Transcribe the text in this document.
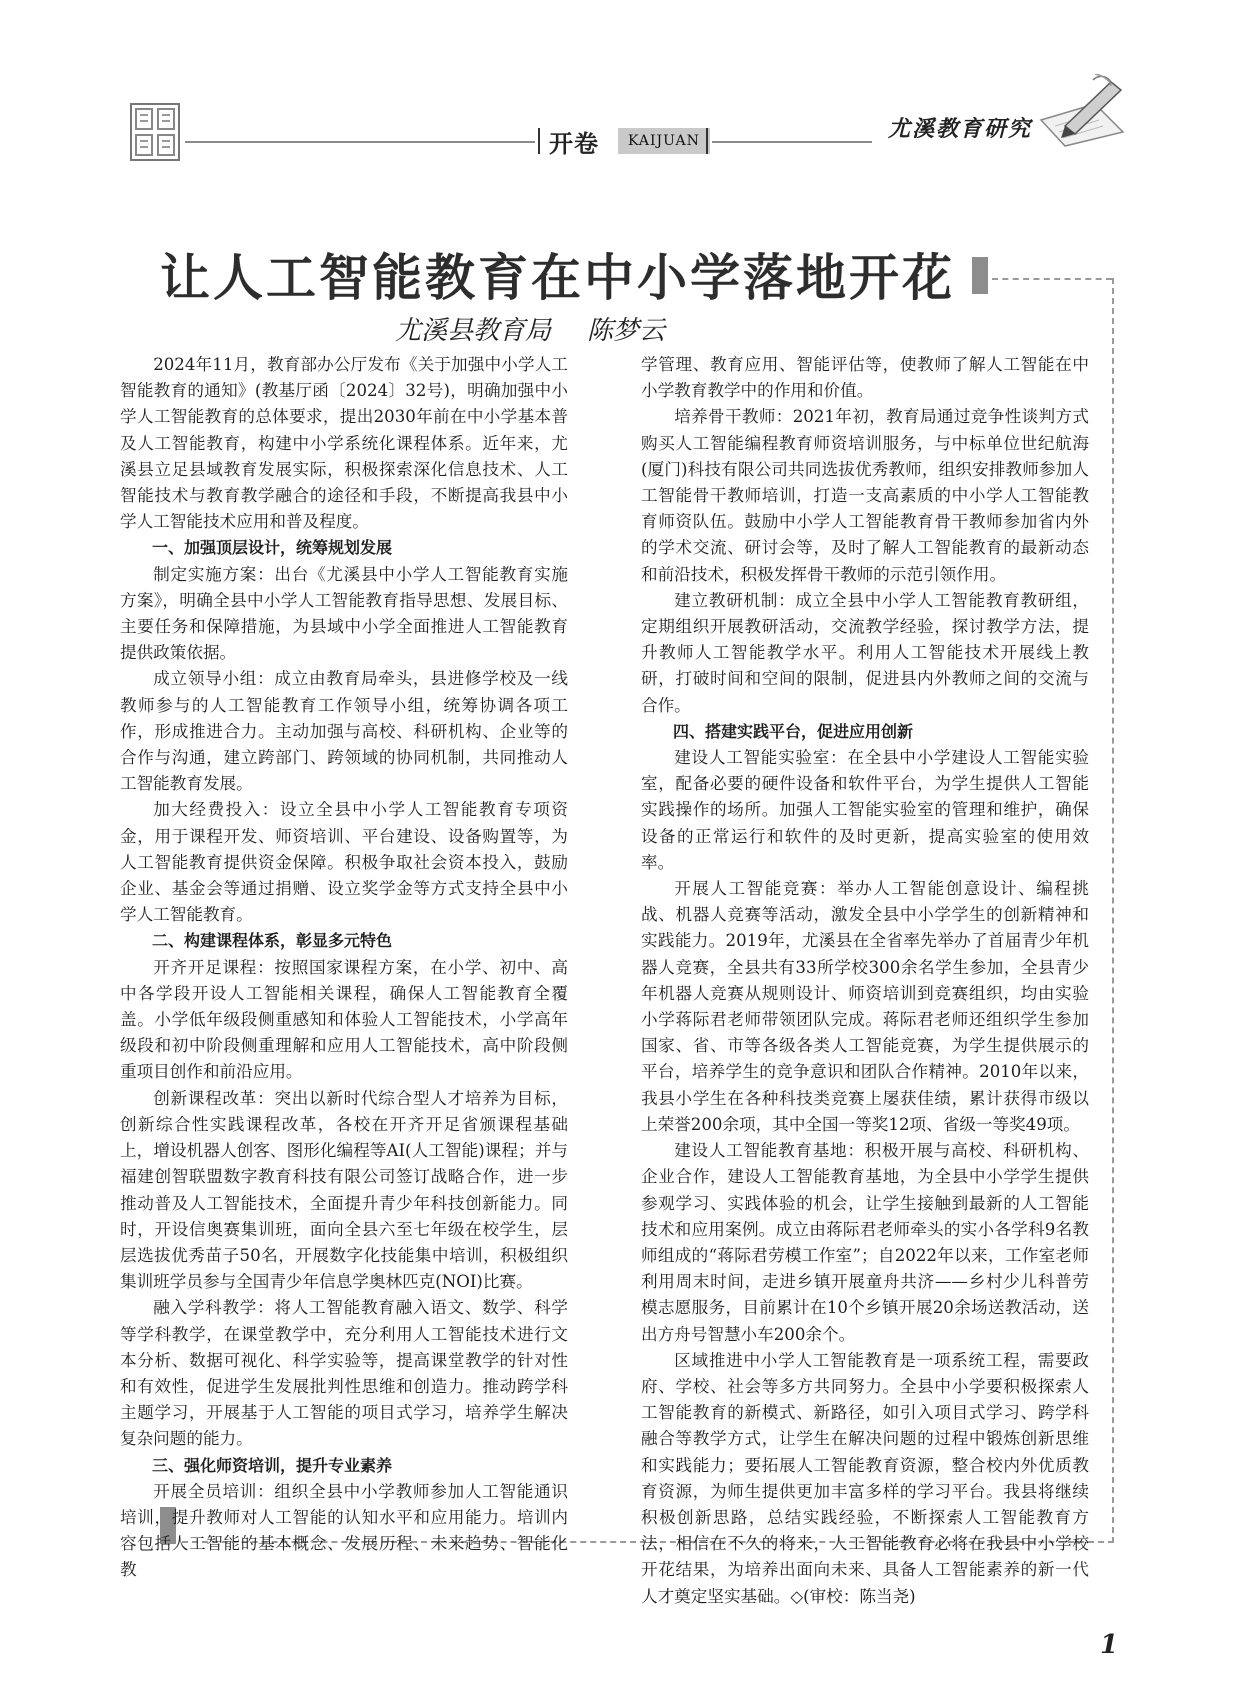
开卷	KAIJUAN	尤溪教育研究
让人工智能教育在中小学落地开花
尤溪县教育局 陈梦云

2024年11月，教育部办公厅发布《关于加强中小学人工智能教育的通知》(教基厅函〔2024〕32号)，明确加强中小学人工智能教育的总体要求，提出2030年前在中小学基本普及人工智能教育，构建中小学系统化课程体系。近年来，尤溪县立足县域教育发展实际，积极探索深化信息技术、人工智能技术与教育教学融合的途径和手段，不断提高我县中小学人工智能技术应用和普及程度。

一、加强顶层设计，统筹规划发展

制定实施方案：出台《尤溪县中小学人工智能教育实施方案》，明确全县中小学人工智能教育指导思想、发展目标、主要任务和保障措施，为县域中小学全面推进人工智能教育提供政策依据。

成立领导小组：成立由教育局牵头，县进修学校及一线教师参与的人工智能教育工作领导小组，统筹协调各项工作，形成推进合力。主动加强与高校、科研机构、企业等的合作与沟通，建立跨部门、跨领域的协同机制，共同推动人工智能教育发展。

加大经费投入：设立全县中小学人工智能教育专项资金，用于课程开发、师资培训、平台建设、设备购置等，为人工智能教育提供资金保障。积极争取社会资本投入，鼓励企业、基金会等通过捐赠、设立奖学金等方式支持全县中小学人工智能教育。

二、构建课程体系，彰显多元特色

开齐开足课程：按照国家课程方案，在小学、初中、高中各学段开设人工智能相关课程，确保人工智能教育全覆盖。小学低年级段侧重感知和体验人工智能技术，小学高年级段和初中阶段侧重理解和应用人工智能技术，高中阶段侧重项目创作和前沿应用。

创新课程改革：突出以新时代综合型人才培养为目标，创新综合性实践课程改革，各校在开齐开足省颁课程基础上，增设机器人创客、图形化编程等AI(人工智能)课程；并与福建创智联盟数字教育科技有限公司签订战略合作，进一步推动普及人工智能技术，全面提升青少年科技创新能力。同时，开设信奥赛集训班，面向全县六至七年级在校学生，层层选拔优秀苗子50名，开展数字化技能集中培训，积极组织集训班学员参与全国青少年信息学奥林匹克(NOI)比赛。

融入学科教学：将人工智能教育融入语文、数学、科学等学科教学，在课堂教学中，充分利用人工智能技术进行文本分析、数据可视化、科学实验等，提高课堂教学的针对性和有效性，促进学生发展批判性思维和创造力。推动跨学科主题学习，开展基于人工智能的项目式学习，培养学生解决复杂问题的能力。

三、强化师资培训，提升专业素养

开展全员培训：组织全县中小学教师参加人工智能通识培训，提升教师对人工智能的认知水平和应用能力。培训内容包括人工智能的基本概念、发展历程、未来趋势、智能化教

学管理、教育应用、智能评估等，使教师了解人工智能在中小学教育教学中的作用和价值。

培养骨干教师：2021年初，教育局通过竞争性谈判方式购买人工智能编程教育师资培训服务，与中标单位世纪航海(厦门)科技有限公司共同选拔优秀教师，组织安排教师参加人工智能骨干教师培训，打造一支高素质的中小学人工智能教育师资队伍。鼓励中小学人工智能教育骨干教师参加省内外的学术交流、研讨会等，及时了解人工智能教育的最新动态和前沿技术，积极发挥骨干教师的示范引领作用。

建立教研机制：成立全县中小学人工智能教育教研组，定期组织开展教研活动，交流教学经验，探讨教学方法，提升教师人工智能教学水平。利用人工智能技术开展线上教研，打破时间和空间的限制，促进县内外教师之间的交流与合作。

四、搭建实践平台，促进应用创新

建设人工智能实验室：在全县中小学建设人工智能实验室，配备必要的硬件设备和软件平台，为学生提供人工智能实践操作的场所。加强人工智能实验室的管理和维护，确保设备的正常运行和软件的及时更新，提高实验室的使用效率。

开展人工智能竞赛：举办人工智能创意设计、编程挑战、机器人竞赛等活动，激发全县中小学学生的创新精神和实践能力。2019年，尤溪县在全省率先举办了首届青少年机器人竞赛，全县共有33所学校300余名学生参加，全县青少年机器人竞赛从规则设计、师资培训到竞赛组织，均由实验小学蒋际君老师带领团队完成。蒋际君老师还组织学生参加国家、省、市等各级各类人工智能竞赛，为学生提供展示的平台，培养学生的竞争意识和团队合作精神。2010年以来，我县小学生在各种科技类竞赛上屡获佳绩，累计获得市级以上荣誉200余项，其中全国一等奖12项、省级一等奖49项。

建设人工智能教育基地：积极开展与高校、科研机构、企业合作，建设人工智能教育基地，为全县中小学学生提供参观学习、实践体验的机会，让学生接触到最新的人工智能技术和应用案例。成立由蒋际君老师牵头的实小各学科9名教师组成的“蒋际君劳模工作室”；自2022年以来，工作室老师利用周末时间，走进乡镇开展童舟共济——乡村少儿科普劳模志愿服务，目前累计在10个乡镇开展20余场送教活动，送出方舟号智慧小车200余个。

区域推进中小学人工智能教育是一项系统工程，需要政府、学校、社会等多方共同努力。全县中小学要积极探索人工智能教育的新模式、新路径，如引入项目式学习、跨学科融合等教学方式，让学生在解决问题的过程中锻炼创新思维和实践能力；要拓展人工智能教育资源，整合校内外优质教育资源，为师生提供更加丰富多样的学习平台。我县将继续积极创新思路，总结实践经验，不断探索人工智能教育方法，相信在不久的将来，人工智能教育必将在我县中小学校开花结果，为培养出面向未来、具备人工智能素养的新一代人才奠定坚实基础。◇(审校：陈当尧)

1
